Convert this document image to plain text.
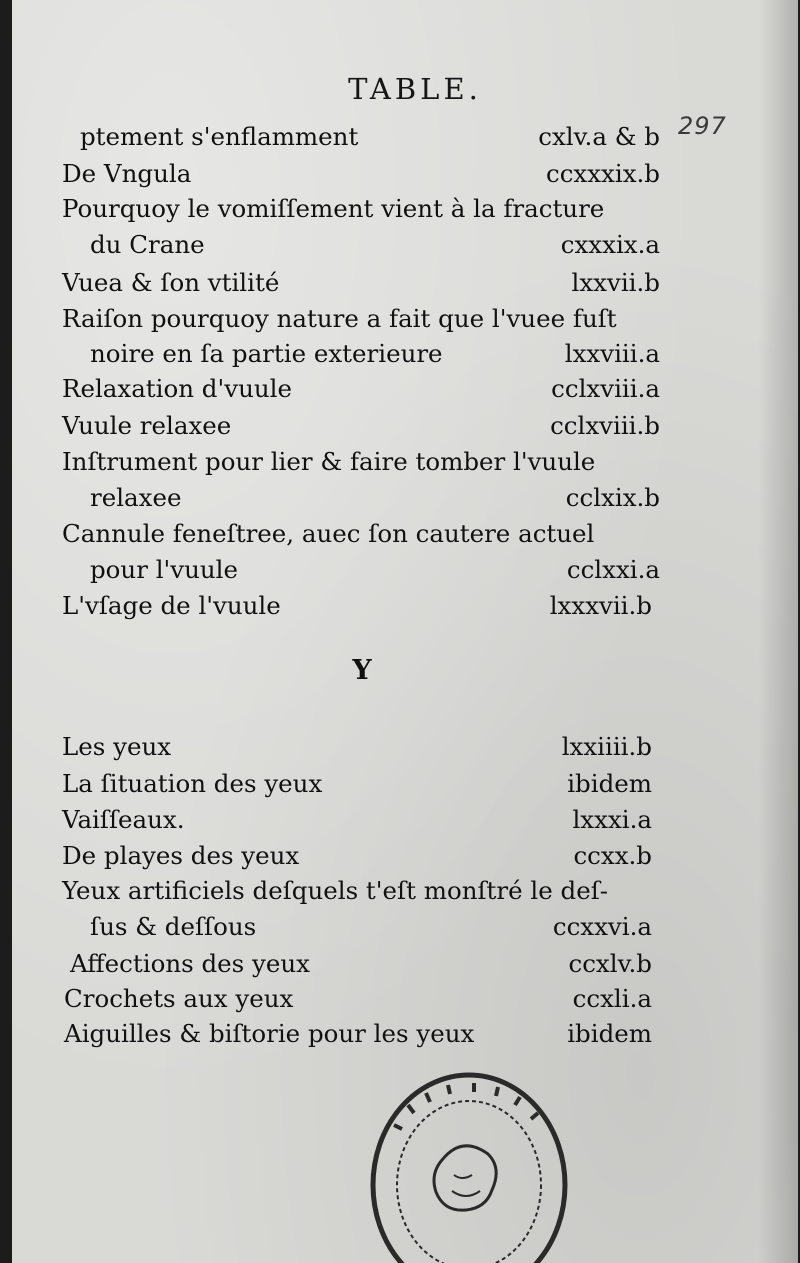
TABLE.
297
ptement s'enflamment	cxlv.a & b
De Vngula	ccxxxix.b
Pourquoy le vomiſſement vient à la fracture
du Crane	cxxxix.a
Vuea & ſon vtilité	lxxvii.b
Raiſon pourquoy nature a fait que l'vuee fuſt
noire en ſa partie exterieure	lxxviii.a
Relaxation d'vuule	cclxviii.a
Vuule relaxee	cclxviii.b
Inſtrument pour lier & faire tomber l'vuule
relaxee	cclxix.b
Cannule feneſtree, auec ſon cautere actuel
pour l'vuule	cclxxi.a
L'vſage de l'vuule	lxxxvii.b
Y
Les yeux	lxxiiii.b
La ſituation des yeux	ibidem
Vaiſſeaux.	lxxxi.a
De playes des yeux	ccxx.b
Yeux artificiels deſquels t'eſt monſtré le deſ-
ſus & deſſous	ccxxvi.a
Affections des yeux	ccxlv.b
Crochets aux yeux	ccxli.a
Aiguilles & biſtorie pour les yeux	ibidem
